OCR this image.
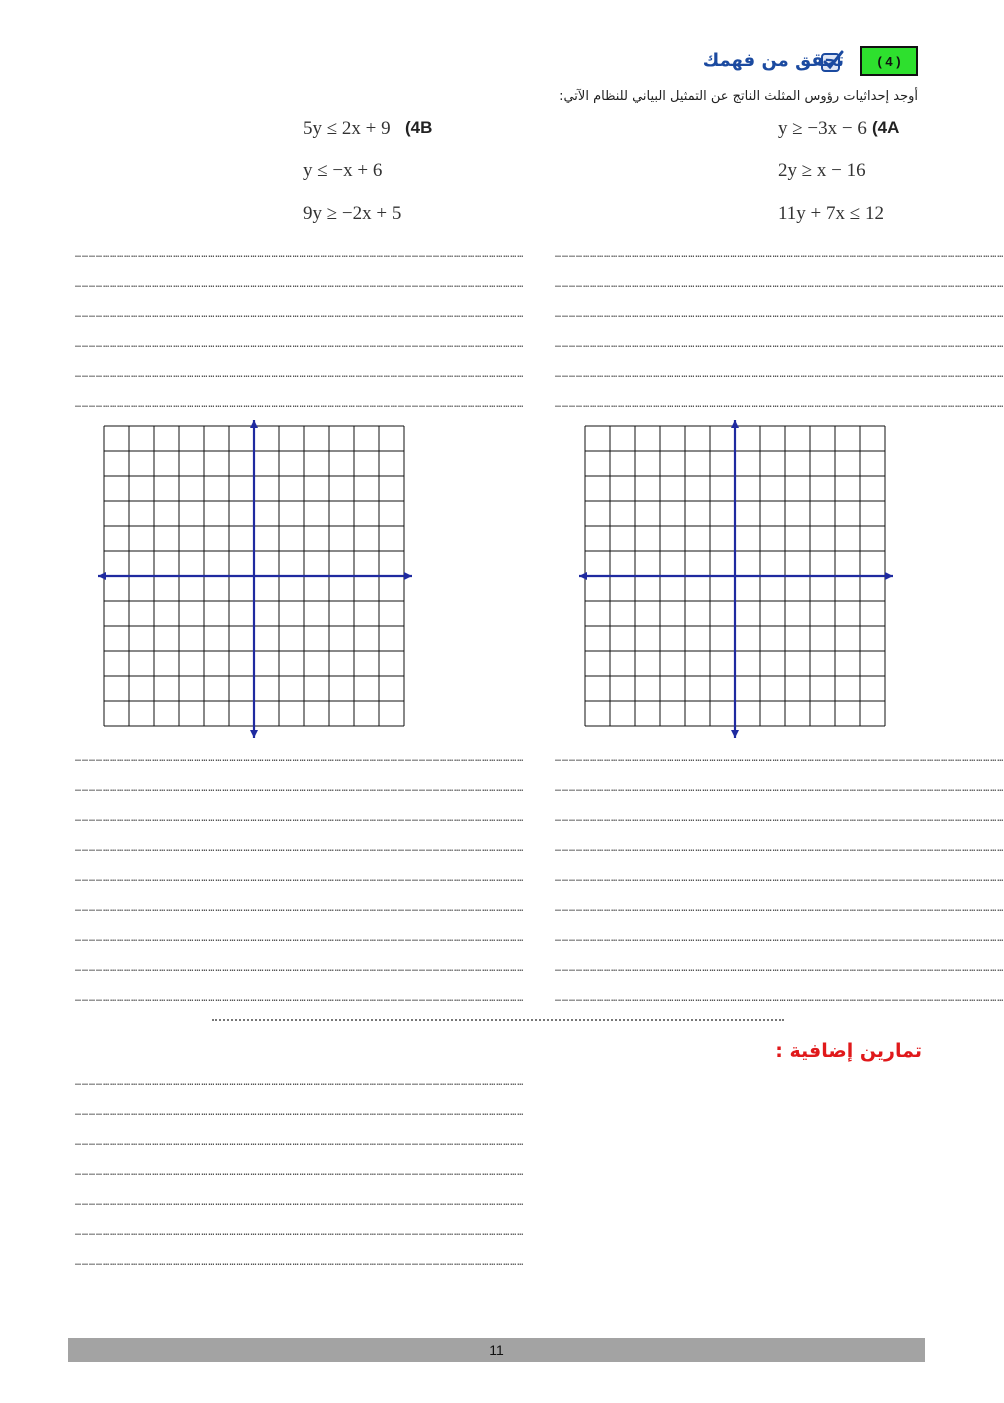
( 4 )
تحقق من فهمك
أوجد إحداثيات رؤوس المثلث الناتج عن التمثيل البياني للنظام الآتي:
(4A
y ≥ −3x − 6
2y ≥ x − 16
11y + 7x ≤ 12
(4B
5y ≤ 2x + 9
y ≤ −x + 6
9y ≥ −2x + 5
…………………………………………………………………………………………………………………………………………………………………………
…………………………………………………………………………………………………………………………………………………………………………
…………………………………………………………………………………………………………………………………………………………………………
…………………………………………………………………………………………………………………………………………………………………………
…………………………………………………………………………………………………………………………………………………………………………
…………………………………………………………………………………………………………………………………………………………………………
…………………………………………………………………………………………………………………………………………………………………………
…………………………………………………………………………………………………………………………………………………………………………
…………………………………………………………………………………………………………………………………………………………………………
…………………………………………………………………………………………………………………………………………………………………………
…………………………………………………………………………………………………………………………………………………………………………
…………………………………………………………………………………………………………………………………………………………………………
…………………………………………………………………………………………………………………………………………………………………………
…………………………………………………………………………………………………………………………………………………………………………
…………………………………………………………………………………………………………………………………………………………………………
…………………………………………………………………………………………………………………………………………………………………………
…………………………………………………………………………………………………………………………………………………………………………
…………………………………………………………………………………………………………………………………………………………………………
…………………………………………………………………………………………………………………………………………………………………………
…………………………………………………………………………………………………………………………………………………………………………
…………………………………………………………………………………………………………………………………………………………………………
…………………………………………………………………………………………………………………………………………………………………………
…………………………………………………………………………………………………………………………………………………………………………
…………………………………………………………………………………………………………………………………………………………………………
…………………………………………………………………………………………………………………………………………………………………………
…………………………………………………………………………………………………………………………………………………………………………
…………………………………………………………………………………………………………………………………………………………………………
…………………………………………………………………………………………………………………………………………………………………………
…………………………………………………………………………………………………………………………………………………………………………
…………………………………………………………………………………………………………………………………………………………………………
تمارين إضافية :
…………………………………………………………………………………………………………………………………………………………………………
…………………………………………………………………………………………………………………………………………………………………………
…………………………………………………………………………………………………………………………………………………………………………
…………………………………………………………………………………………………………………………………………………………………………
…………………………………………………………………………………………………………………………………………………………………………
…………………………………………………………………………………………………………………………………………………………………………
…………………………………………………………………………………………………………………………………………………………………………
11
